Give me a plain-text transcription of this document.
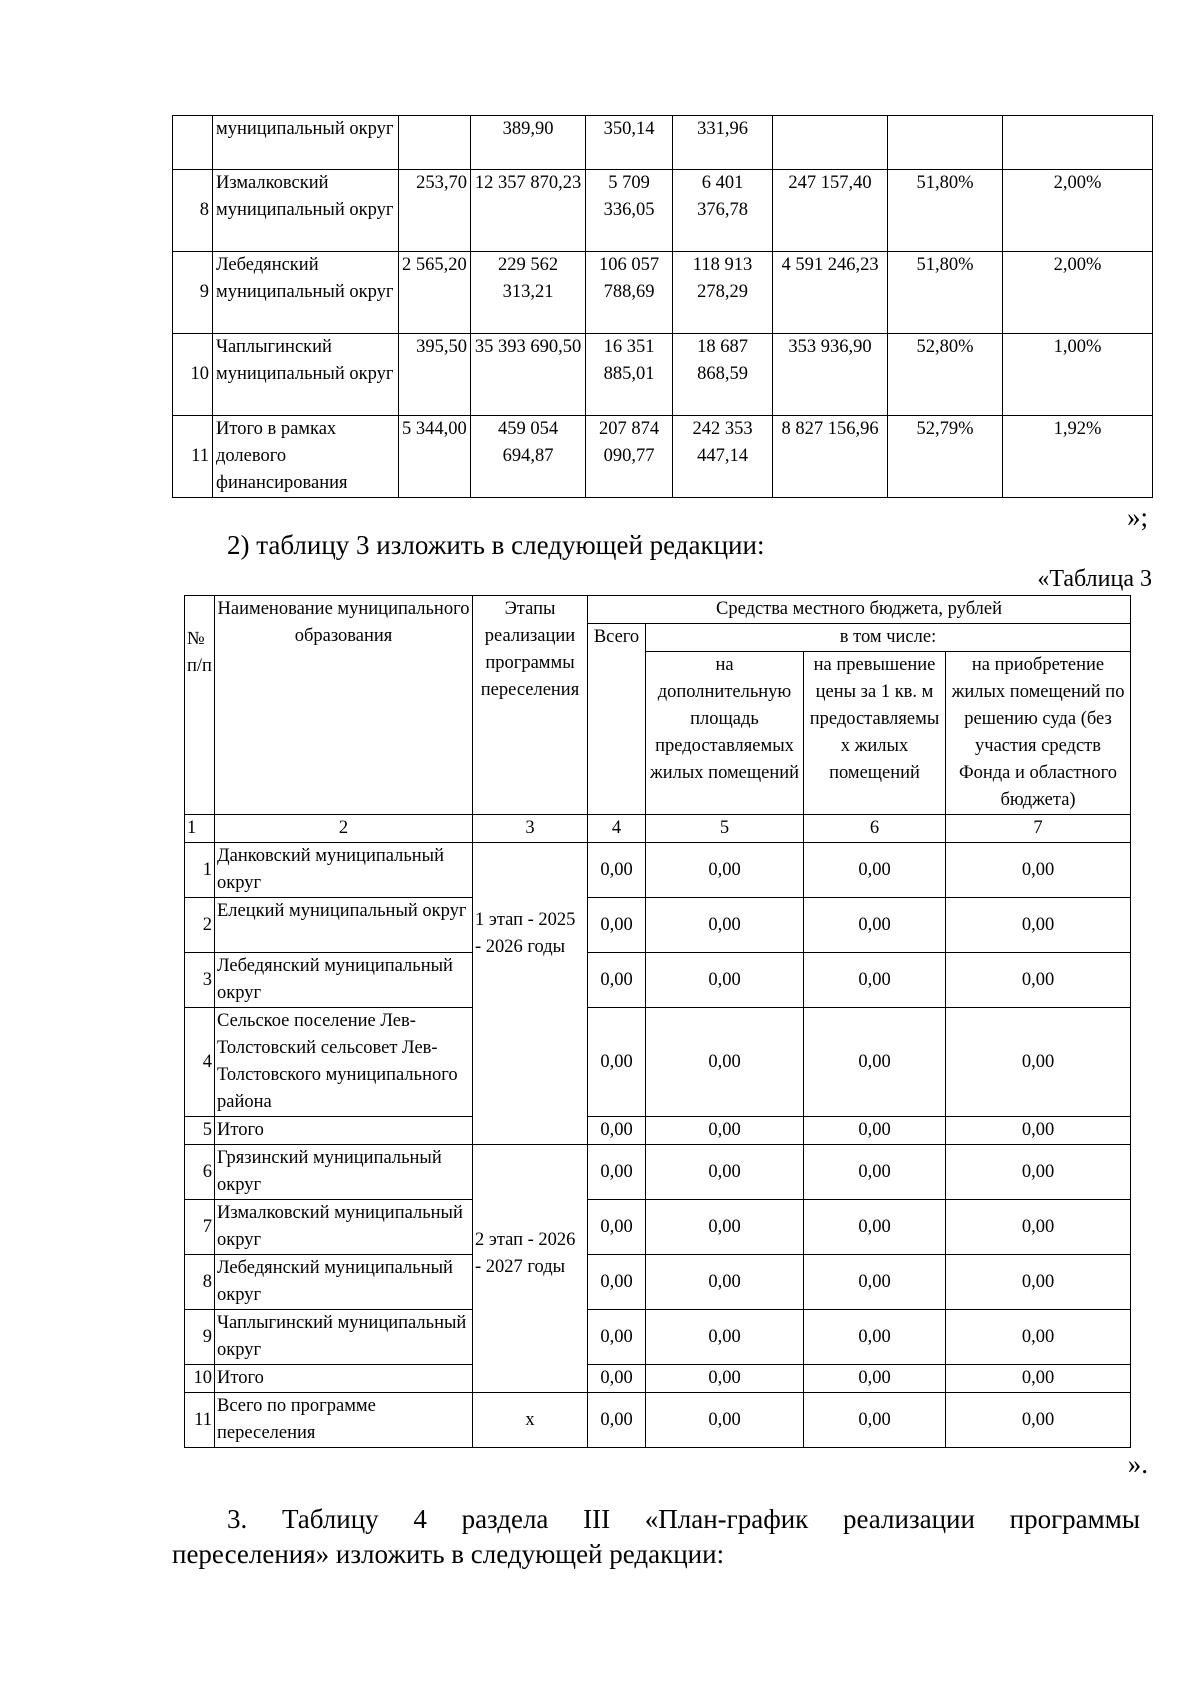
	муниципальный округ		389,90	350,14	331,96			
8	Измалковский муниципальный округ	253,70	12 357 870,23	5 709 336,05	6 401 376,78	247 157,40	51,80%	2,00%
9	Лебедянский муниципальный округ	2 565,20	229 562 313,21	106 057 788,69	118 913 278,29	4 591 246,23	51,80%	2,00%
10	Чаплыгинский муниципальный округ	395,50	35 393 690,50	16 351 885,01	18 687 868,59	353 936,90	52,80%	1,00%
11	Итого в рамках долевого финансирования	5 344,00	459 054 694,87	207 874 090,77	242 353 447,14	8 827 156,96	52,79%	1,92%
»;
2) таблицу 3 изложить в следующей редакции:
«Таблица 3
№ п/п	Наименование муниципального образования	Этапы реализации программы переселения	Средства местного бюджета, рублей			
			Всего	в том числе:		
				на дополнительную площадь предоставляемых жилых помещений	на превышение цены за 1 кв. м предоставляемы х жилых помещений	на приобретение жилых помещений по решению суда (без участия средств Фонда и областного бюджета)
1	2	3	4	5	6	7
1	Данковский муниципальный округ	1 этап - 2025 - 2026 годы	0,00	0,00	0,00	0,00
2	Елецкий муниципальный округ		0,00	0,00	0,00	0,00
3	Лебедянский муниципальный округ		0,00	0,00	0,00	0,00
4	Сельское поселение Лев-Толстовский сельсовет Лев-Толстовского муниципального района		0,00	0,00	0,00	0,00
5	Итого		0,00	0,00	0,00	0,00
6	Грязинский муниципальный округ	2 этап - 2026 - 2027 годы	0,00	0,00	0,00	0,00
7	Измалковский муниципальный округ		0,00	0,00	0,00	0,00
8	Лебедянский муниципальный округ		0,00	0,00	0,00	0,00
9	Чаплыгинский муниципальный округ		0,00	0,00	0,00	0,00
10	Итого		0,00	0,00	0,00	0,00
11	Всего по программе переселения	х	0,00	0,00	0,00	0,00
».
3. Таблицу 4 раздела III «План-график реализации программы
переселения» изложить в следующей редакции:
